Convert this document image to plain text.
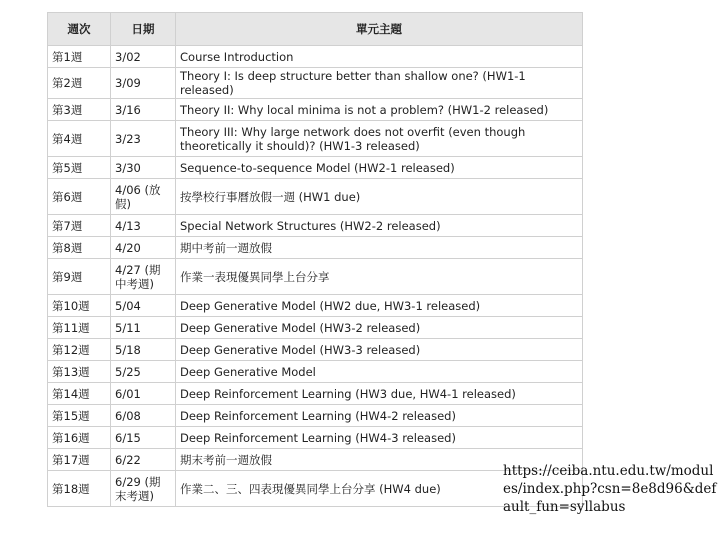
週次	日期	單元主題
第1週	3/02	Course Introduction
第2週	3/09	Theory I: Is deep structure better than shallow one? (HW1-1 released)
第3週	3/16	Theory II: Why local minima is not a problem? (HW1-2 released)
第4週	3/23	Theory III: Why large network does not overfit (even though theoretically it should)? (HW1-3 released)
第5週	3/30	Sequence-to-sequence Model (HW2-1 released)
第6週	4/06 (放假)	按學校行事曆放假一週 (HW1 due)
第7週	4/13	Special Network Structures (HW2-2 released)
第8週	4/20	期中考前一週放假
第9週	4/27 (期中考週)	作業一表現優異同學上台分享
第10週	5/04	Deep Generative Model (HW2 due, HW3-1 released)
第11週	5/11	Deep Generative Model (HW3-2 released)
第12週	5/18	Deep Generative Model (HW3-3 released)
第13週	5/25	Deep Generative Model
第14週	6/01	Deep Reinforcement Learning (HW3 due, HW4-1 released)
第15週	6/08	Deep Reinforcement Learning (HW4-2 released)
第16週	6/15	Deep Reinforcement Learning (HW4-3 released)
第17週	6/22	期末考前一週放假
第18週	6/29 (期末考週)	作業二、三、四表現優異同學上台分享 (HW4 due)
https://ceiba.ntu.edu.tw/modules/index.php?csn=8e8d96&default_fun=syllabus
